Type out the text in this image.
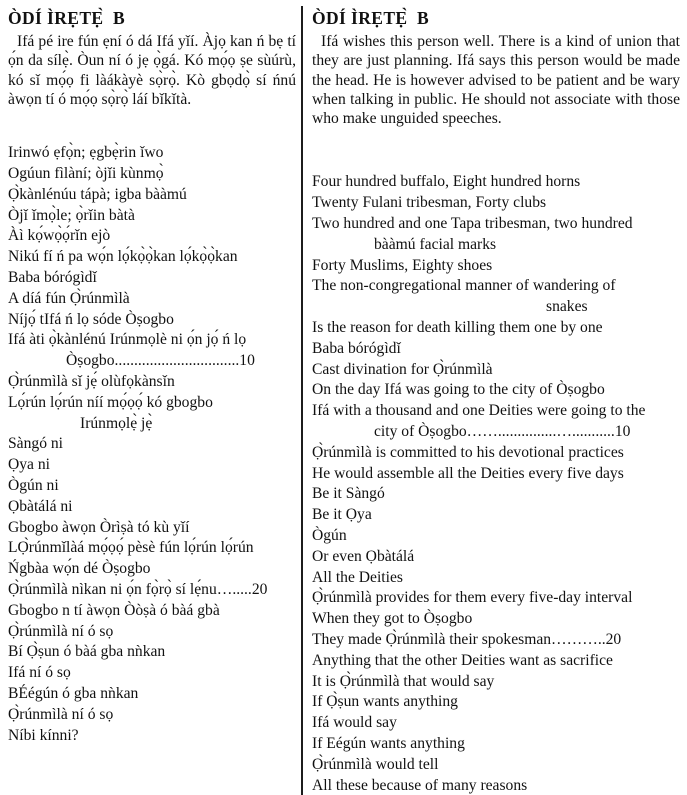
ÒDÍ ÌRẸTẸ̀  B

Ifá pé ire fún ẹní ó dá Ifá yǐí. Àjọ kan ń bẹ tí ọ́n da sílẹ̀. Òun ní ó jẹ ọ̀gá. Kó mọ́ọ ṣe sùúrù, kó sǐ mọ́ọ fi làákàyè sọ̀rọ̀. Kò gbọdọ̀ sí ńnú àwọn tí ó mọ́ọ sọ̀rọ̀ láí bǐkǐtà.

Irinwó ẹfọ̀n; ẹgbẹ̀rin ǐwo
Ogúun fìlàní; òjǐi kùnmọ̀
Ọ̀kànlénúu tápà; igba bààmú
Òjǐ ǐmọ̀le; ọ̀rǐin bàtà
Àì kọ́wọ̀ọ́rǐn ejò
Nikú fí ń pa wọ́n lọ́kọ̀ọ̀kan lọ́kọ̀ọ̀kan
Baba bórógìdǐ
A díá fún Ọ̀rúnmìlà
Níjọ́ tIfá ń lọ sóde Òṣogbo
Ifá àti ọ̀kànlénú Irúnmọlè ni ọ́n jọ́ ń lọ
Òṣogbo................................10
Ọ̀rúnmìlà sǐ jẹ́ olùfọkànsǐn
Lọ́rún lọ́rún níí mọ́ọọ́ kó gbogbo
Irúnmọlẹ̀ jẹ̀
Sàngó ni
Ọya ni
Ògún ni
Ọbàtálá ni
Gbogbo àwọn Òrìṣà tó kù yǐí
LỌ̀rúnmǐlàá mọ́ọọ́ pèsè fún lọ́rún lọ́rún
Ńgbàa wọ́n dé Òṣogbo
Ọ̀rúnmìlà nìkan ni ọ́n fọ̀rọ̀ sí lẹ́nu….....20
Gbogbo n tí àwọn Òòṣà ó bàá gbà
Ọ̀rúnmìlà ní ó sọ
Bí Ọ̀ṣun ó bàá gba nǹkan
Ifá ní ó sọ
BÉégún ó gba nǹkan
Ọ̀rúnmìlà ní ó sọ
Níbi kínni?
ÒDÍ ÌRẸTẸ̀  B

Ifá wishes this person well. There is a kind of union that they are just planning. Ifá says this person would be made the head. He is however advised to be patient and be wary when talking in public. He should not associate with those who make unguided speeches.

Four hundred buffalo, Eight hundred horns
Twenty Fulani tribesman, Forty clubs
Two hundred and one Tapa tribesman, two hundred
bààmú facial marks
Forty Muslims, Eighty shoes
The non-congregational manner of wandering of
snakes
Is the reason for death killing them one by one
Baba bórógìdǐ
Cast divination for Ọ̀rúnmìlà
On the day Ifá was going to the city of Òṣogbo
Ifá with a thousand and one Deities were going to the
city of Òṣogbo……...............…...........10
Ọ̀rúnmìlà is committed to his devotional practices
He would assemble all the Deities every five days
Be it Sàngó
Be it Ọya
Ògún
Or even Ọbàtálá
All the Deities
Ọ̀rúnmìlà provides for them every five-day interval
When they got to Òṣogbo
They made Ọ̀rúnmìlà their spokesman………..20
Anything that the other Deities want as sacrifice
It is Ọ̀rúnmìlà that would say
If Ọ̀ṣun wants anything
Ifá would say
If Eégún wants anything
Ọ̀rúnmìlà would tell
All these because of many reasons
